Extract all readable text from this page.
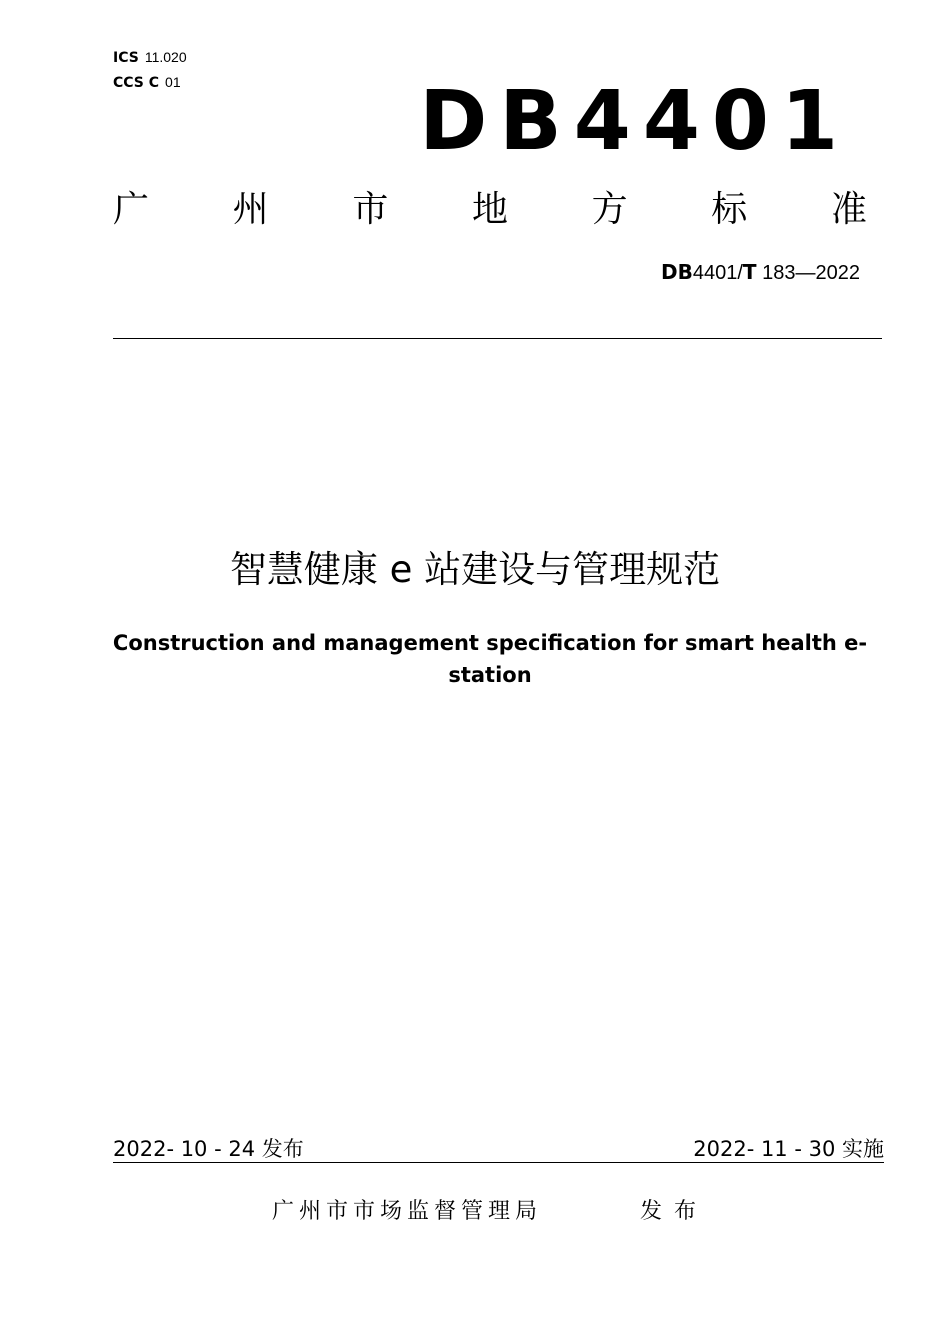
ICS 11.020
CCS C 01	DB4401
广 州 市 地 方 标 准
DB4401/T 183—2022
智慧健康 e 站建设与管理规范
Construction and management specification for smart health e-station
2022- 10 - 24 发布	2022- 11 - 30 实施
广州市市场监督管理局	发布
